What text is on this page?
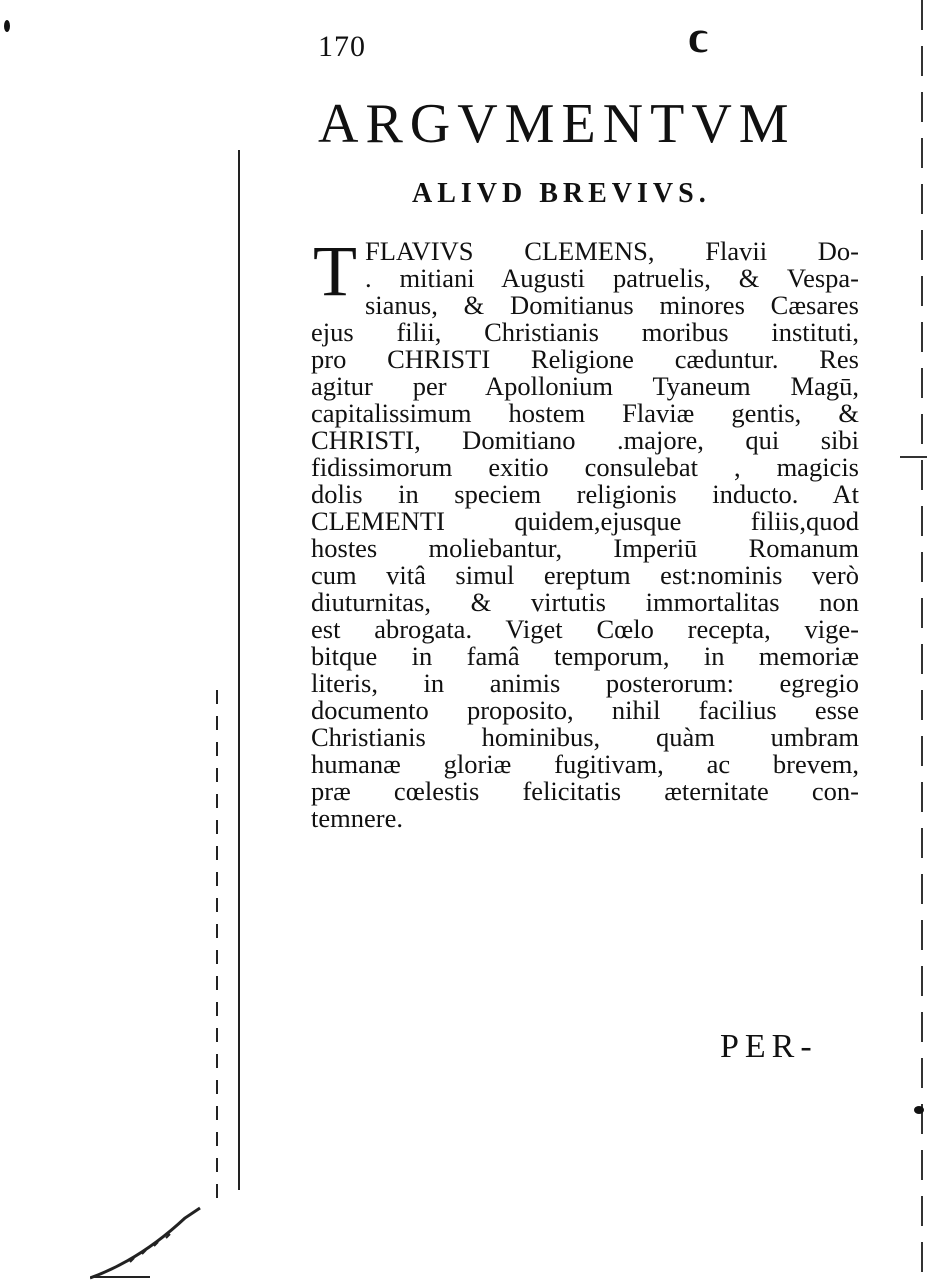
170	ϲ
ARGVMENTVM
ALIVD BREVIVS.
T FLAVIVS CLEMENS, Flavii Do-
. mitiani Augusti patruelis, & Vespa-
sianus, & Domitianus minores Cæsares
ejus filii, Christianis moribus instituti,
pro CHRISTI Religione cæduntur. Res
agitur per Apollonium Tyaneum Magū,
capitalissimum hostem Flaviæ gentis, &
CHRISTI, Domitiano .majore, qui sibi
fidissimorum exitio consulebat , magicis
dolis in speciem religionis inducto. At
CLEMENTI quidem,ejusque filiis,quod
hostes moliebantur, Imperiū Romanum
cum vitâ simul ereptum est:nominis verò
diuturnitas, & virtutis immortalitas non
est abrogata. Viget Cœlo recepta, vige-
bitque in famâ temporum, in memoriæ
literis, in animis posterorum: egregio
documento proposito, nihil facilius esse
Christianis hominibus, quàm umbram
humanæ gloriæ fugitivam, ac brevem,
præ cœlestis felicitatis æternitate con-
temnere.
PER-
